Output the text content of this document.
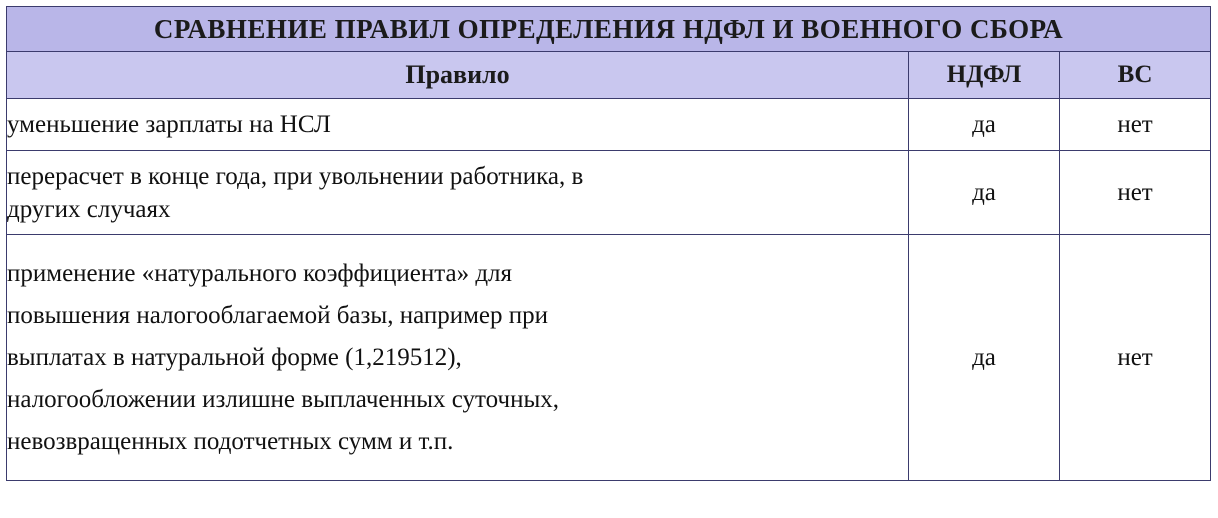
СРАВНЕНИЕ ПРАВИЛ ОПРЕДЕЛЕНИЯ НДФЛ И ВОЕННОГО СБОРА		
Правило	НДФЛ	ВС

уменьшение зарплаты на НСЛ	да	нет

перерасчет в конце года, при увольнении работника, в
других случаях	да	нет

применение «натурального коэффициента» для
повышения налогооблагаемой базы, например при
выплатах в натуральной форме (1,219512),
налогообложении излишне выплаченных суточных,
невозвращенных подотчетных сумм и т.п.	да	нет
